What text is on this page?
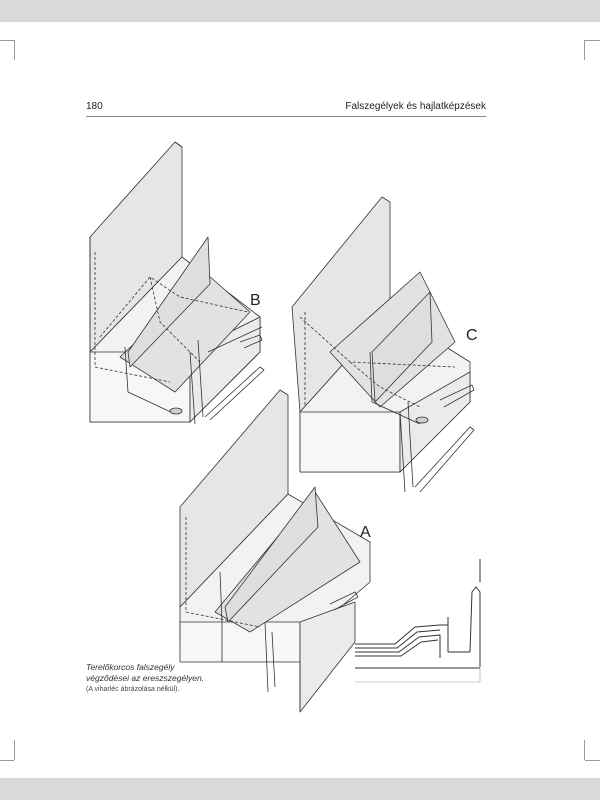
180	Falszegélyek és hajlatképzések
B
C
A
Terelőkorcos falszegély
végződései az ereszszegélyen.
(A viharléc ábrázolása nélkül).
